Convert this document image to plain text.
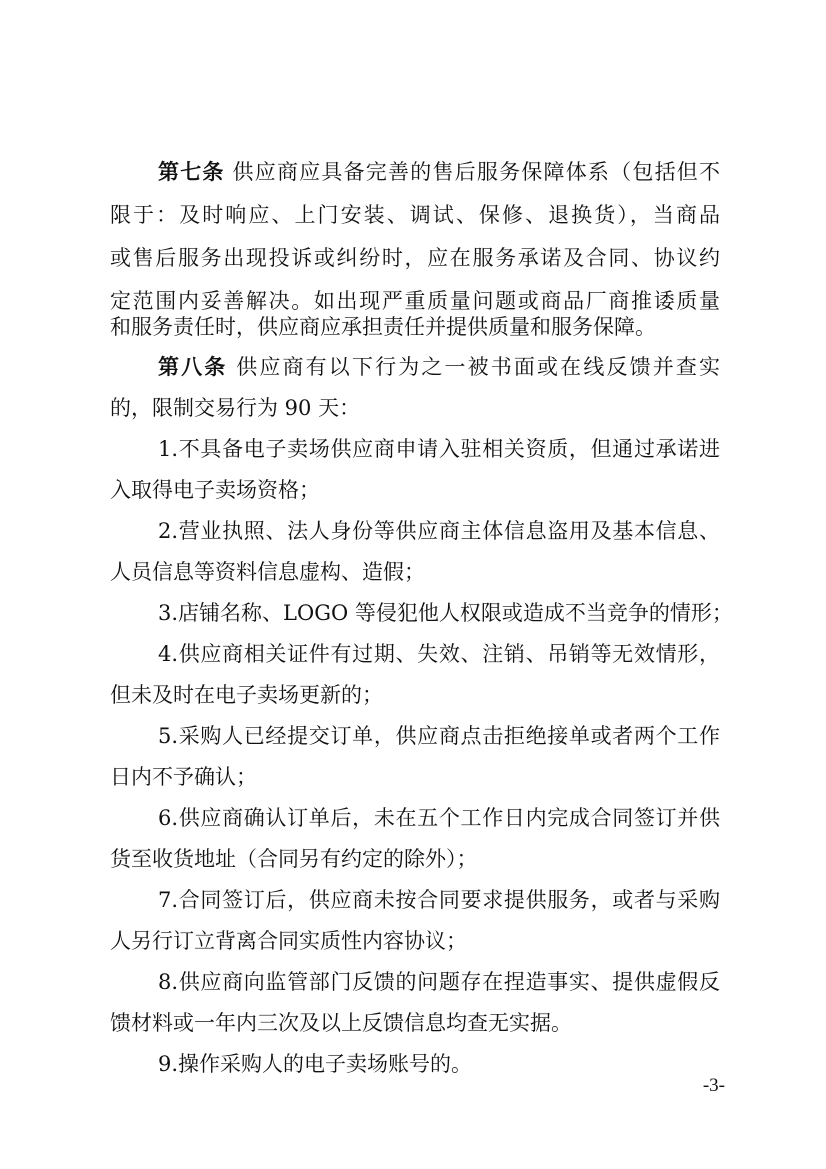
第七条 供应商应具备完善的售后服务保障体系（包括但不
限于：及时响应、上门安装、调试、保修、退换货），当商品
或售后服务出现投诉或纠纷时，应在服务承诺及合同、协议约
定范围内妥善解决。如出现严重质量问题或商品厂商推诿质量
和服务责任时，供应商应承担责任并提供质量和服务保障。
第八条 供应商有以下行为之一被书面或在线反馈并查实
的，限制交易行为 90 天：
1.不具备电子卖场供应商申请入驻相关资质，但通过承诺进
入取得电子卖场资格；
2.营业执照、法人身份等供应商主体信息盗用及基本信息、
人员信息等资料信息虚构、造假；
3.店铺名称、LOGO 等侵犯他人权限或造成不当竞争的情形；
4.供应商相关证件有过期、失效、注销、吊销等无效情形，
但未及时在电子卖场更新的；
5.采购人已经提交订单，供应商点击拒绝接单或者两个工作
日内不予确认；
6.供应商确认订单后，未在五个工作日内完成合同签订并供
货至收货地址（合同另有约定的除外）；
7.合同签订后，供应商未按合同要求提供服务，或者与采购
人另行订立背离合同实质性内容协议；
8.供应商向监管部门反馈的问题存在捏造事实、提供虚假反
馈材料或一年内三次及以上反馈信息均查无实据。
9.操作采购人的电子卖场账号的。
-3-
